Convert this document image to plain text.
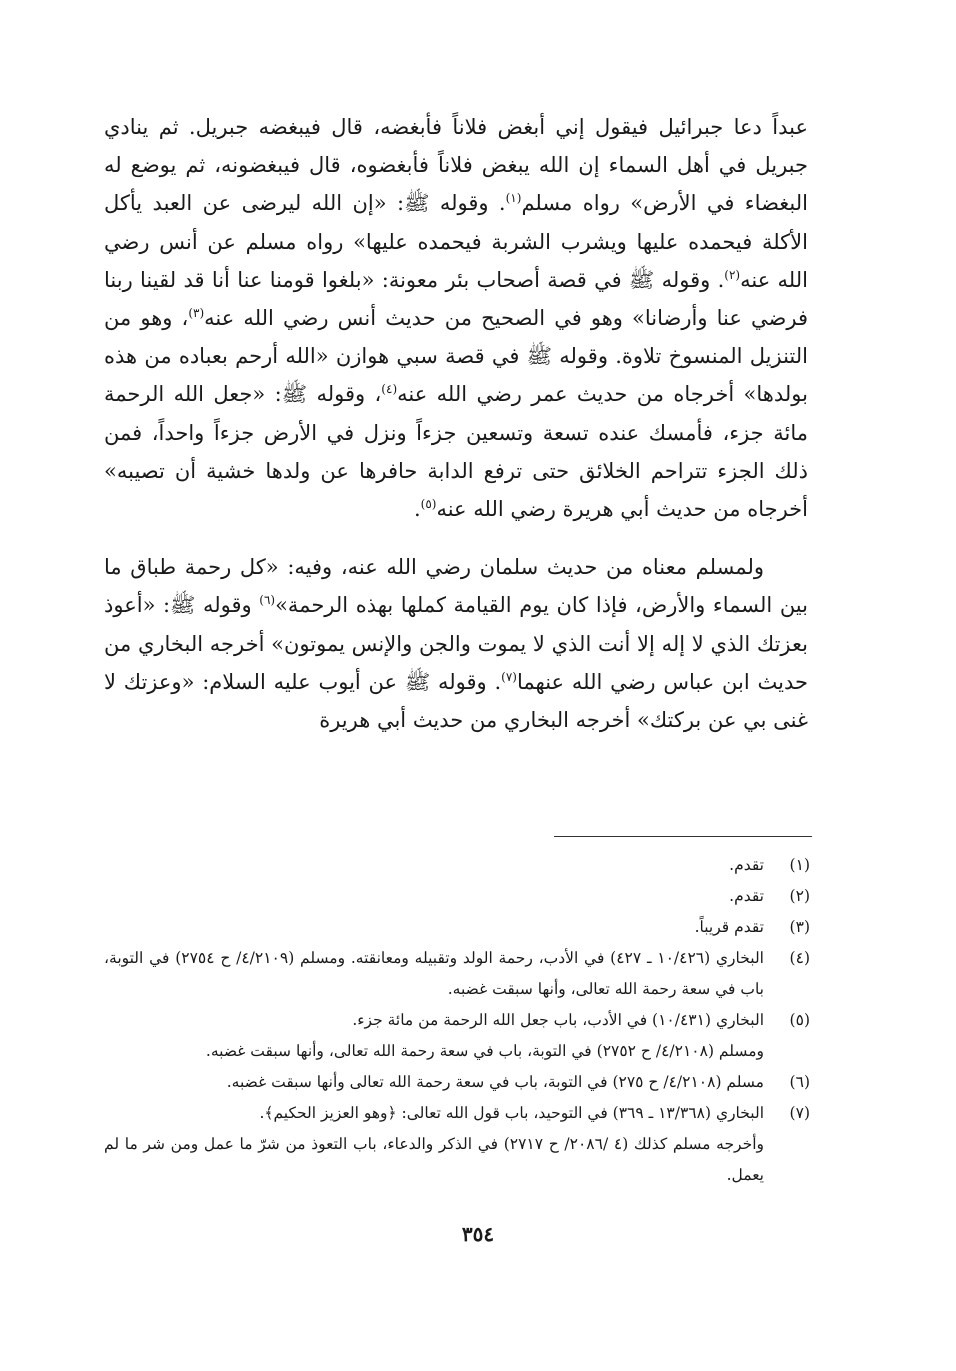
عبداً دعا جبرائيل فيقول إني أبغض فلاناً فأبغضه، قال فيبغضه جبريل. ثم ينادي جبريل في أهل السماء إن الله يبغض فلاناً فأبغضوه، قال فيبغضونه، ثم يوضع له البغضاء في الأرض» رواه مسلم$^{(١)}$. وقوله ﷺ: «إن الله ليرضى عن العبد يأكل الأكلة فيحمده عليها ويشرب الشربة فيحمده عليها» رواه مسلم عن أنس رضي الله عنه$^{(٢)}$. وقوله ﷺ في قصة أصحاب بئر معونة: «بلغوا قومنا عنا أنا قد لقينا ربنا فرضي عنا وأرضانا» وهو في الصحيح من حديث أنس رضي الله عنه$^{(٣)}$، وهو من التنزيل المنسوخ تلاوة. وقوله ﷺ في قصة سبي هوازن «الله أرحم بعباده من هذه بولدها» أخرجاه من حديث عمر رضي الله عنه$^{(٤)}$، وقوله ﷺ: «جعل الله الرحمة مائة جزء، فأمسك عنده تسعة وتسعين جزءاً ونزل في الأرض جزءاً واحداً، فمن ذلك الجزء تتراحم الخلائق حتى ترفع الدابة حافرها عن ولدها خشية أن تصيبه» أخرجاه من حديث أبي هريرة رضي الله عنه$^{(٥)}$.

ولمسلم معناه من حديث سلمان رضي الله عنه، وفيه: «كل رحمة طباق ما بين السماء والأرض، فإذا كان يوم القيامة كملها بهذه الرحمة»$^{(٦)}$ وقوله ﷺ: «أعوذ بعزتك الذي لا إله إلا أنت الذي لا يموت والجن والإنس يموتون» أخرجه البخاري من حديث ابن عباس رضي الله عنهما$^{(٧)}$. وقوله ﷺ عن أيوب عليه السلام: «وعزتك لا غنى بي عن بركتك» أخرجه البخاري من حديث أبي هريرة

(١)
تقدم.
(٢)
تقدم.
(٣)
تقدم قريباً.
(٤)
البخاري (١٠/٤٢٦ ـ ٤٢٧) في الأدب، رحمة الولد وتقبيله ومعانقته. ومسلم (٤/٢١٠٩/ ح ٢٧٥٤) في التوبة، باب في سعة رحمة الله تعالى، وأنها سبقت غضبه.
(٥)
البخاري (١٠/٤٣١) في الأدب، باب جعل الله الرحمة من مائة جزء.
ومسلم (٤/٢١٠٨/ ح ٢٧٥٢) في التوبة، باب في سعة رحمة الله تعالى، وأنها سبقت غضبه.
(٦)
مسلم (٤/٢١٠٨/ ح ٢٧٥) في التوبة، باب في سعة رحمة الله تعالى وأنها سبقت غضبه.
(٧)
البخاري (١٣/٣٦٨ ـ ٣٦٩) في التوحيد، باب قول الله تعالى: ﴿وهو العزيز الحكيم﴾.
وأخرجه مسلم كذلك (٤ /٢٠٨٦/ ح ٢٧١٧) في الذكر والدعاء، باب التعوذ من شرّ ما عمل ومن شر ما لم يعمل.
٣٥٤
